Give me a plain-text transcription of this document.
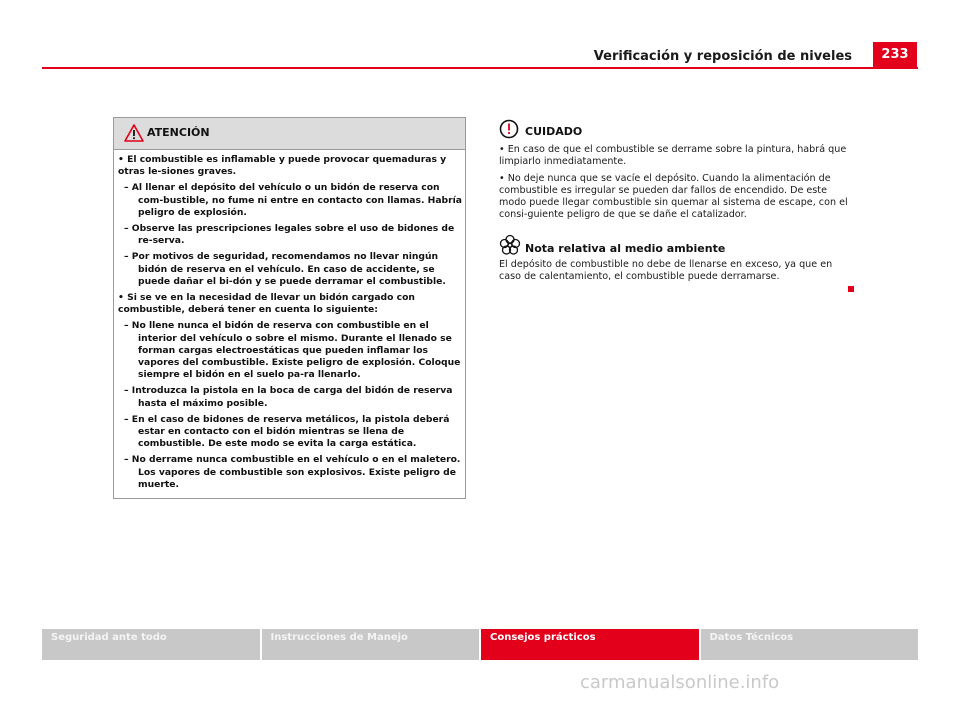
Verificación y reposición de niveles	233
ATENCIÓN

• El combustible es inflamable y puede provocar quemaduras y otras le-siones graves.

– Al llenar el depósito del vehículo o un bidón de reserva con com-bustible, no fume ni entre en contacto con llamas. Habría peligro de explosión.

– Observe las prescripciones legales sobre el uso de bidones de re-serva.

– Por motivos de seguridad, recomendamos no llevar ningún bidón de reserva en el vehículo. En caso de accidente, se puede dañar el bi-dón y se puede derramar el combustible.

• Si se ve en la necesidad de llevar un bidón cargado con combustible, deberá tener en cuenta lo siguiente:

– No llene nunca el bidón de reserva con combustible en el interior del vehículo o sobre el mismo. Durante el llenado se forman cargas electroestáticas que pueden inflamar los vapores del combustible. Existe peligro de explosión. Coloque siempre el bidón en el suelo pa-ra llenarlo.

– Introduzca la pistola en la boca de carga del bidón de reserva hasta el máximo posible.

– En el caso de bidones de reserva metálicos, la pistola deberá estar en contacto con el bidón mientras se llena de combustible. De este modo se evita la carga estática.

– No derrame nunca combustible en el vehículo o en el maletero. Los vapores de combustible son explosivos. Existe peligro de muerte.

CUIDADO

• En caso de que el combustible se derrame sobre la pintura, habrá que limpiarlo inmediatamente.

• No deje nunca que se vacíe el depósito. Cuando la alimentación de combustible es irregular se pueden dar fallos de encendido. De este modo puede llegar combustible sin quemar al sistema de escape, con el consi-guiente peligro de que se dañe el catalizador.

Nota relativa al medio ambiente

El depósito de combustible no debe de llenarse en exceso, ya que en caso de calentamiento, el combustible puede derramarse.

Seguridad ante todo	Instrucciones de Manejo	Consejos prácticos	Datos Técnicos
carmanualsonline.info
